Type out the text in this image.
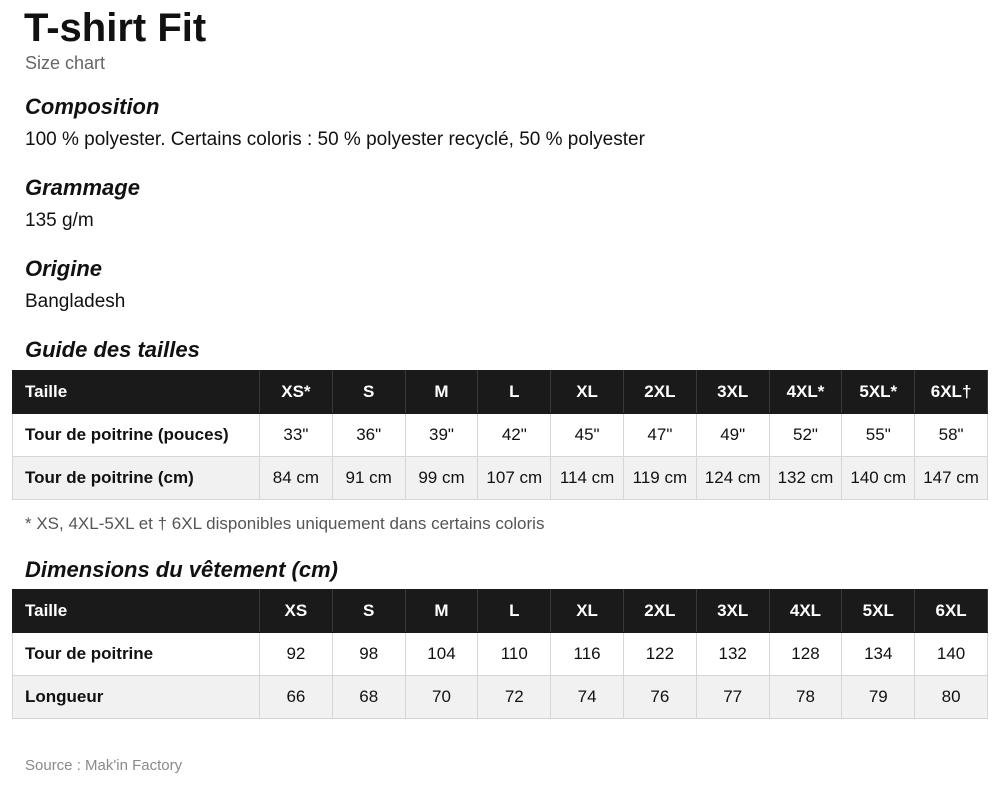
T-shirt Fit
Size chart
Composition
100 % polyester. Certains coloris : 50 % polyester recyclé, 50 % polyester
Grammage
135 g/m
Origine
Bangladesh
Guide des tailles
Taille	XS*	S	M	L	XL	2XL	3XL	4XL*	5XL*	6XL†
Tour de poitrine (pouces)	33"	36"	39"	42"	45"	47"	49"	52"	55"	58"
Tour de poitrine (cm)	84 cm	91 cm	99 cm	107 cm	114 cm	119 cm	124 cm	132 cm	140 cm	147 cm
* XS, 4XL-5XL et † 6XL disponibles uniquement dans certains coloris
Dimensions du vêtement (cm)
Taille	XS	S	M	L	XL	2XL	3XL	4XL	5XL	6XL
Tour de poitrine	92	98	104	110	116	122	132	128	134	140
Longueur	66	68	70	72	74	76	77	78	79	80
Source : Mak'in Factory
